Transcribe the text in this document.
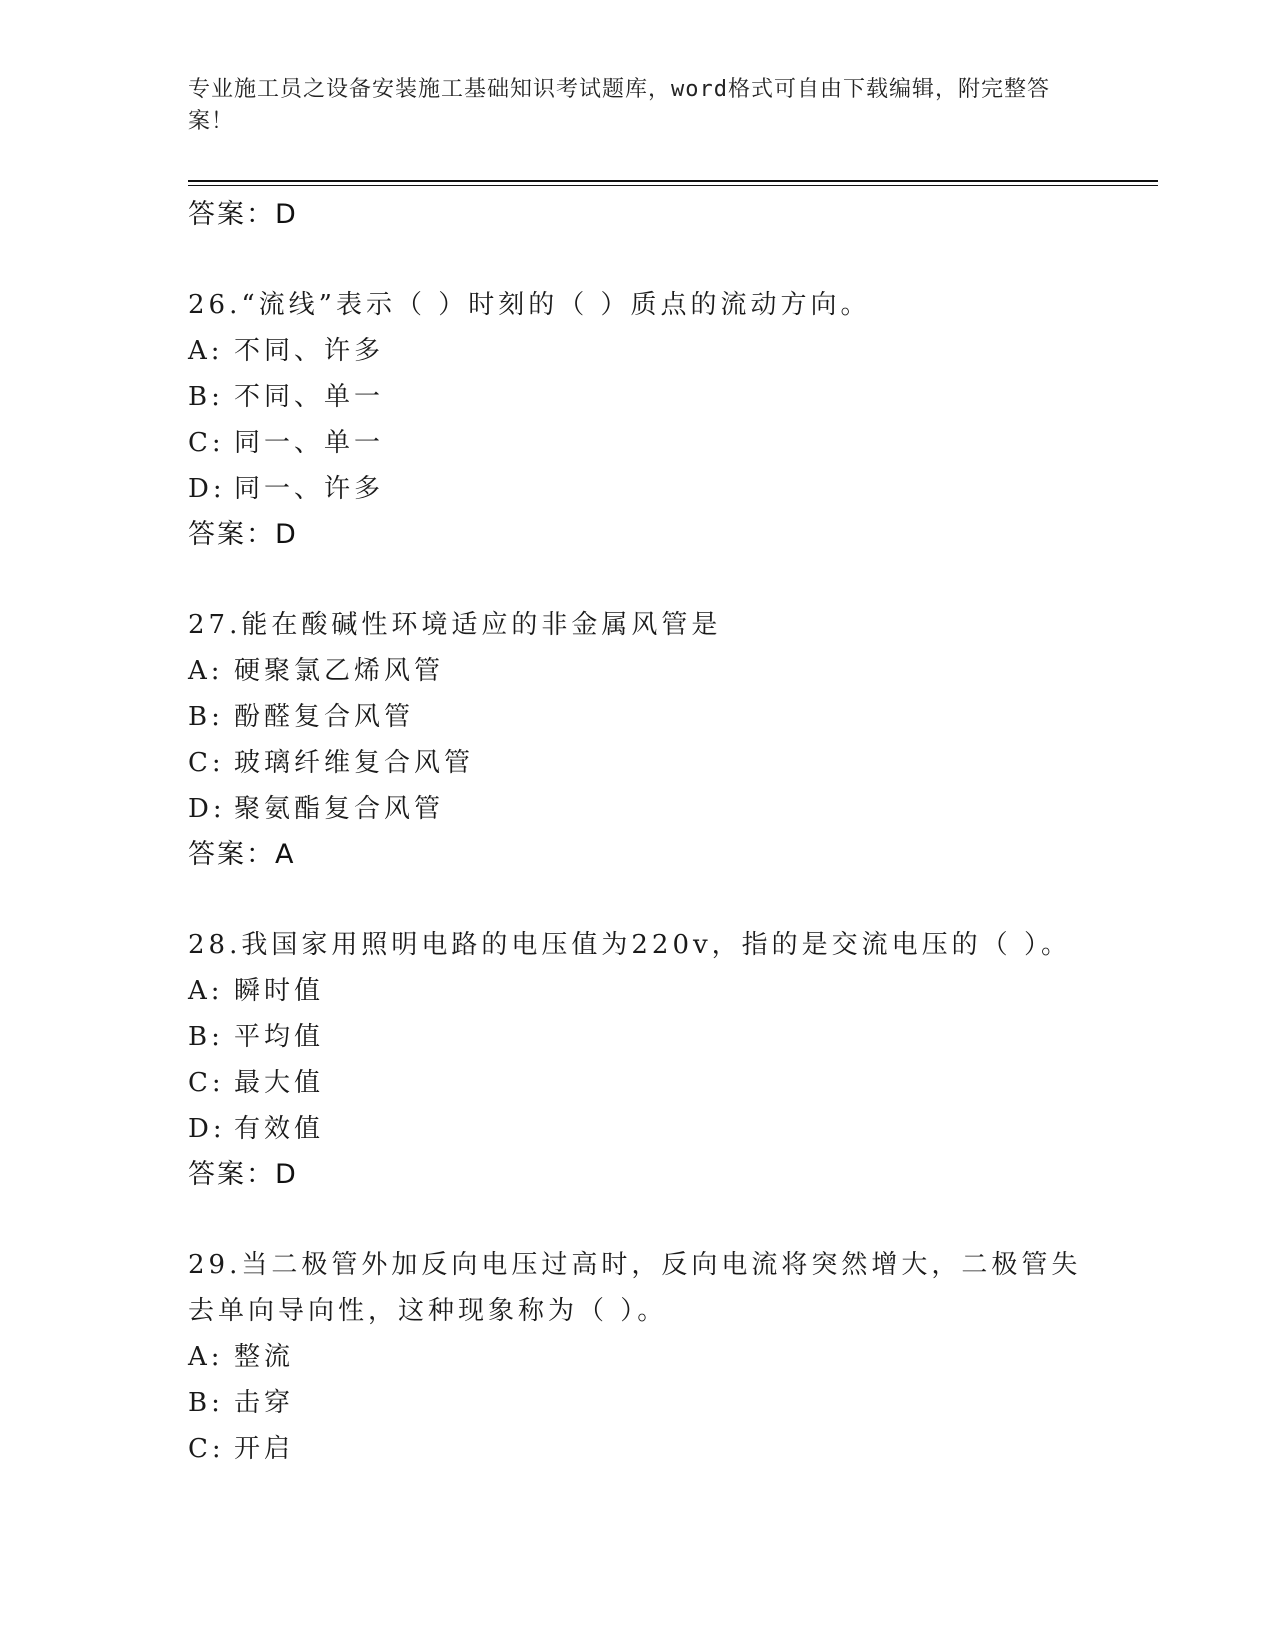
专业施工员之设备安装施工基础知识考试题库，word格式可自由下载编辑，附完整答案！
答案：D
26.“流线”表示（ ）时刻的（ ）质点的流动方向。
A: 不同、许多
B: 不同、单一
C: 同一、单一
D: 同一、许多
答案：D
27.能在酸碱性环境适应的非金属风管是
A: 硬聚氯乙烯风管
B: 酚醛复合风管
C: 玻璃纤维复合风管
D: 聚氨酯复合风管
答案：A
28.我国家用照明电路的电压值为220v，指的是交流电压的（ ）。
A: 瞬时值
B: 平均值
C: 最大值
D: 有效值
答案：D
29.当二极管外加反向电压过高时，反向电流将突然增大，二极管失去单向导向性，这种现象称为（ ）。
A: 整流
B: 击穿
C: 开启
